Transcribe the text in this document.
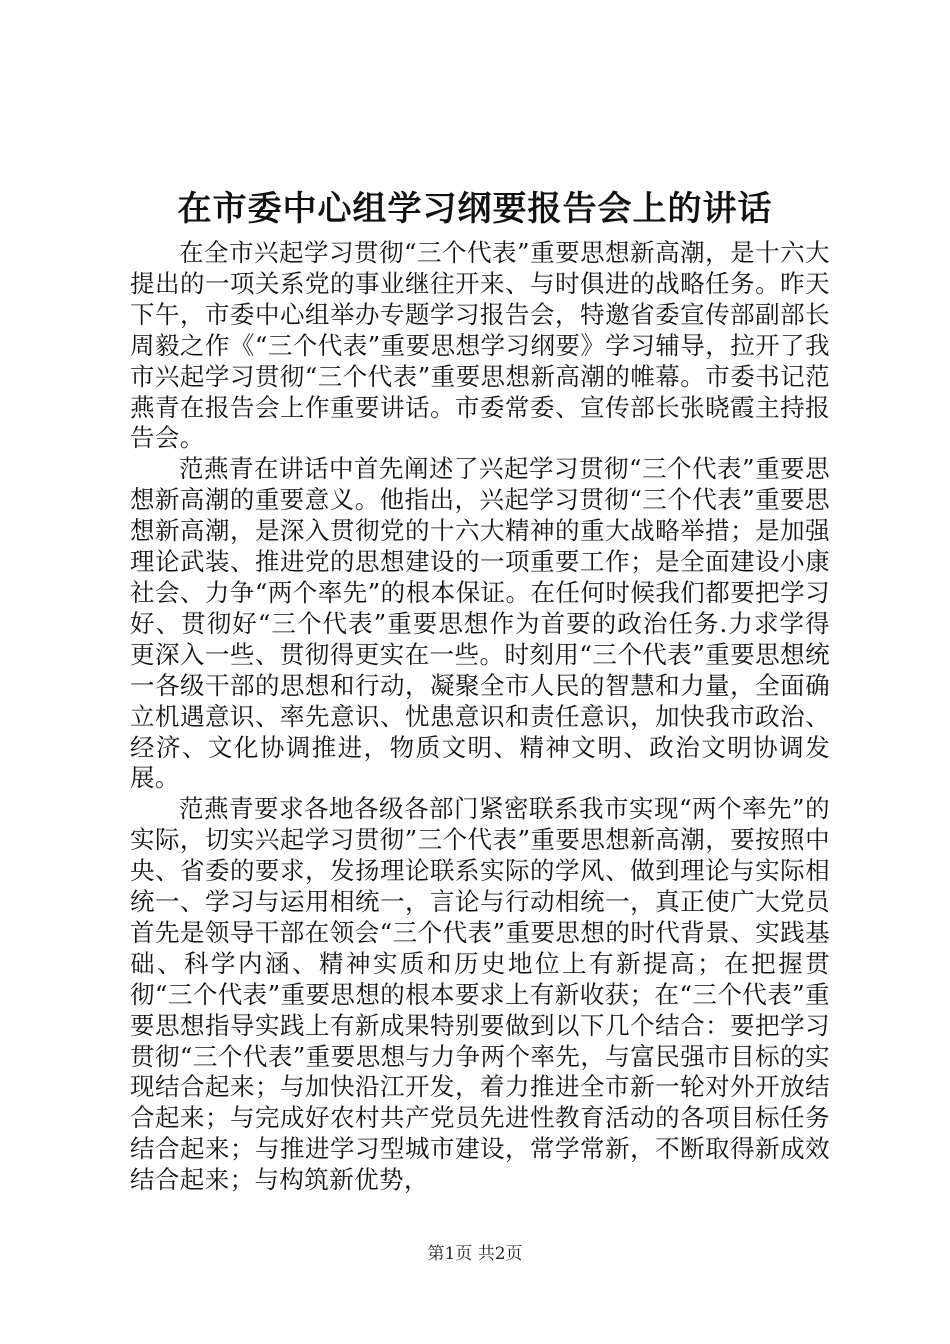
在市委中心组学习纲要报告会上的讲话

在全市兴起学习贯彻“三个代表”重要思想新高潮，是十六大提出的一项关系党的事业继往开来、与时俱进的战略任务。昨天下午，市委中心组举办专题学习报告会，特邀省委宣传部副部长周毅之作《“三个代表”重要思想学习纲要》学习辅导，拉开了我市兴起学习贯彻“三个代表”重要思想新高潮的帷幕。市委书记范燕青在报告会上作重要讲话。市委常委、宣传部长张晓霞主持报告会。

范燕青在讲话中首先阐述了兴起学习贯彻“三个代表”重要思想新高潮的重要意义。他指出，兴起学习贯彻“三个代表”重要思想新高潮，是深入贯彻党的十六大精神的重大战略举措；是加强理论武装、推进党的思想建设的一项重要工作；是全面建设小康社会、力争“两个率先”的根本保证。在任何时候我们都要把学习好、贯彻好“三个代表”重要思想作为首要的政治任务.力求学得更深入一些、贯彻得更实在一些。时刻用“三个代表”重要思想统一各级干部的思想和行动，凝聚全市人民的智慧和力量，全面确立机遇意识、率先意识、忧患意识和责任意识，加快我市政治、经济、文化协调推进，物质文明、精神文明、政治文明协调发展。

范燕青要求各地各级各部门紧密联系我市实现“两个率先”的实际，切实兴起学习贯彻”三个代表”重要思想新高潮，要按照中央、省委的要求，发扬理论联系实际的学风、做到理论与实际相统一、学习与运用相统一，言论与行动相统一，真正使广大党员首先是领导干部在领会“三个代表”重要思想的时代背景、实践基础、科学内涵、精神实质和历史地位上有新提高；在把握贯彻“三个代表”重要思想的根本要求上有新收获；在“三个代表”重要思想指导实践上有新成果特别要做到以下几个结合：要把学习贯彻“三个代表”重要思想与力争两个率先，与富民强市目标的实现结合起来；与加快沿江开发，着力推进全市新一轮对外开放结合起来；与完成好农村共产党员先进性教育活动的各项目标任务结合起来；与推进学习型城市建设，常学常新，不断取得新成效结合起来；与构筑新优势，

第1页 共2页
